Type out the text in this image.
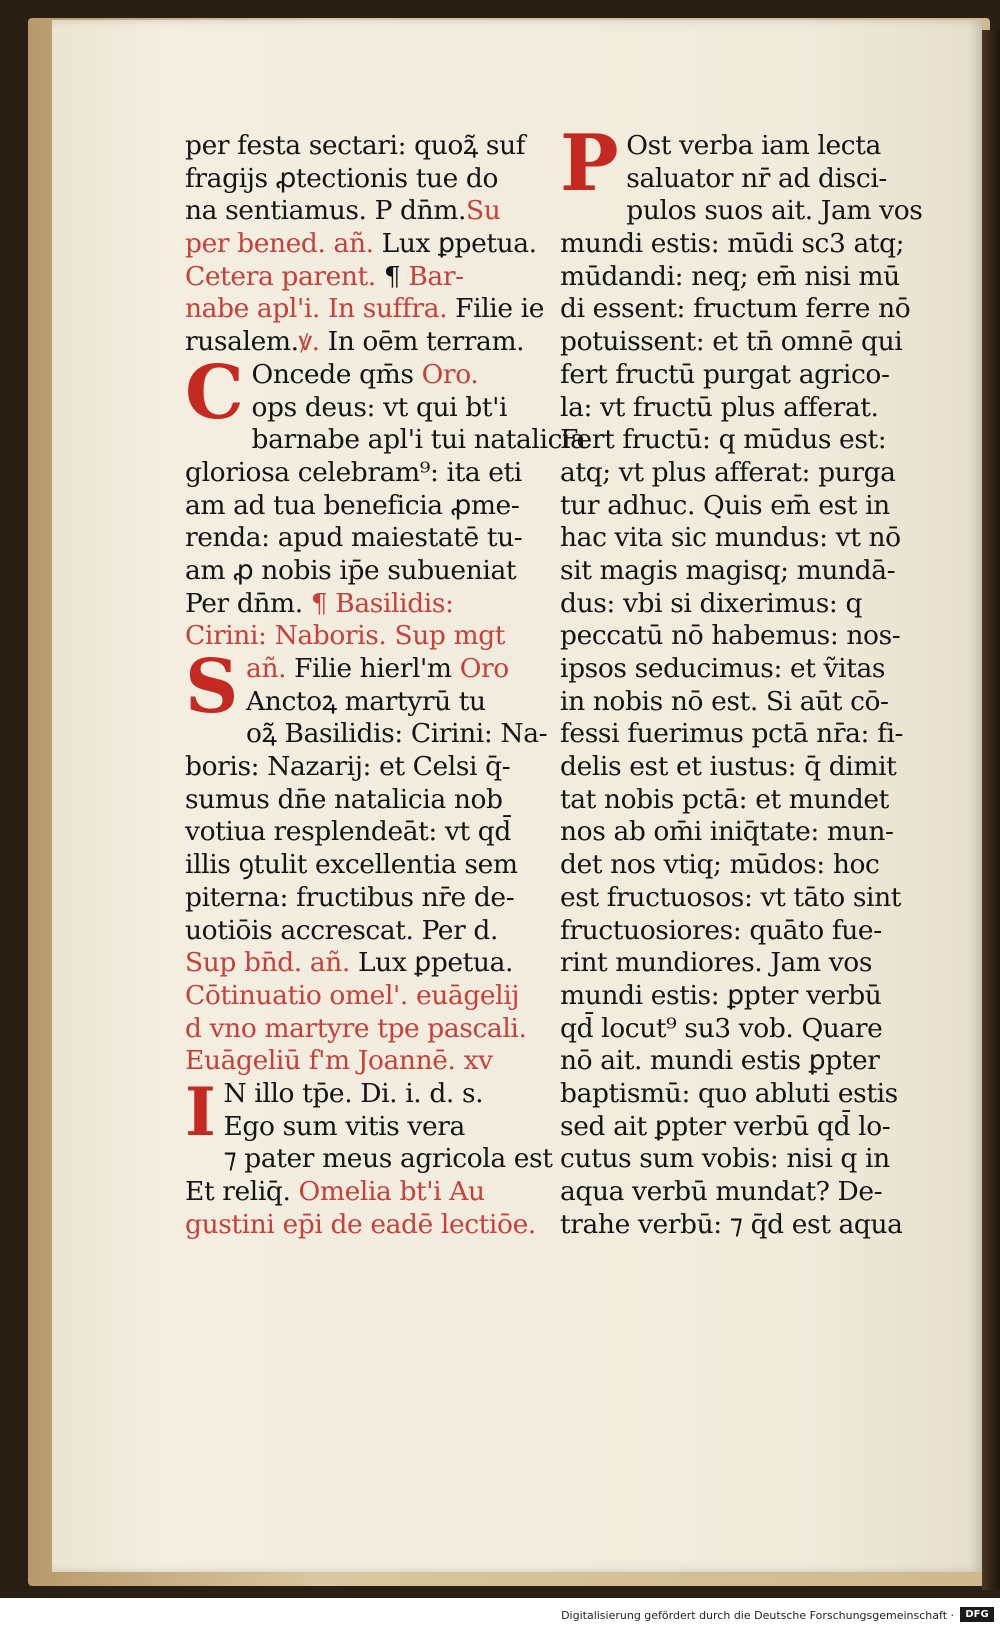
per festa sectari: quoꝝ̃ suf
fragijs ꝓtectionis tue do
na sentiamus. P dn̄m.Su
per bened. añ. Lux ꝑpetua.
Cetera parent. ¶ Bar-
nabe apl'i. In suffra. Filie ie
rusalem.ꝟ. In oēm terram.
C Oncede qm̄s Oro.
ops deus: vt qui bt'i
barnabe apl'i tui natalicia
gloriosa celebram⁹: ita eti
am ad tua beneficia ꝓme-
renda: apud maiestatē tu-
am ꝓ nobis ip̄e subueniat
Per dn̄m. ¶ Basilidis:
Cirini: Naboris. Sup mgt
S añ. Filie hierl'm Oro
Anctoꝝ martyrū tu
oꝝ̃ Basilidis: Cirini: Na-
boris: Nazarij: et Celsi q̄-
sumus dn̄e natalicia nob
votiua resplendeāt: vt qd̄
illis ꝯtulit excellentia sem
piterna: fructibus nr̄e de-
uotiōis accrescat. Per d.
Sup bn̄d. añ. Lux ꝑpetua.
Cōtinuatio omel'. euāgelij
d vno martyre tpe pascali.
Euāgeliū f'm Joannē. xv
I N illo tp̄e. Di. i. d. s.
Ego sum vitis vera
⁊ pater meus agricola est
Et reliq̄. Omelia bt'i Au
gustini ep̄i de eadē lectiōe.
P Ost verba iam lecta
saluator nr̄ ad disci-
pulos suos ait. Jam vos
mundi estis: mūdi sc3 atq;
mūdandi: neq; em̄ nisi mū
di essent: fructum ferre nō
potuissent: et tn̄ omnē qui
fert fructū purgat agrico-
la: vt fructū plus afferat.
Fert fructū: q mūdus est:
atq; vt plus afferat: purga
tur adhuc. Quis em̄ est in
hac vita sic mundus: vt nō
sit magis magisq; mundā-
dus: vbi si dixerimus: q
peccatū nō habemus: nos-
ipsos seducimus: et ṽitas
in nobis nō est. Si aūt cō-
fessi fuerimus pctā nr̄a: fi-
delis est et iustus: q̄ dimit
tat nobis pctā: et mundet
nos ab om̄i iniq̄tate: mun-
det nos vtiq; mūdos: hoc
est fructuosos: vt tāto sint
fructuosiores: quāto fue-
rint mundiores. Jam vos
mundi estis: ꝑpter verbū
qd̄ locut⁹ su3 vob. Quare
nō ait. mundi estis ꝑpter
baptismū: quo abluti estis
sed ait ꝑpter verbū qd̄ lo-
cutus sum vobis: nisi q in
aqua verbū mundat? De-
trahe verbū: ⁊ q̄d est aqua
Digitalisierung gefördert durch die Deutsche Forschungsgemeinschaft ·	DFG
